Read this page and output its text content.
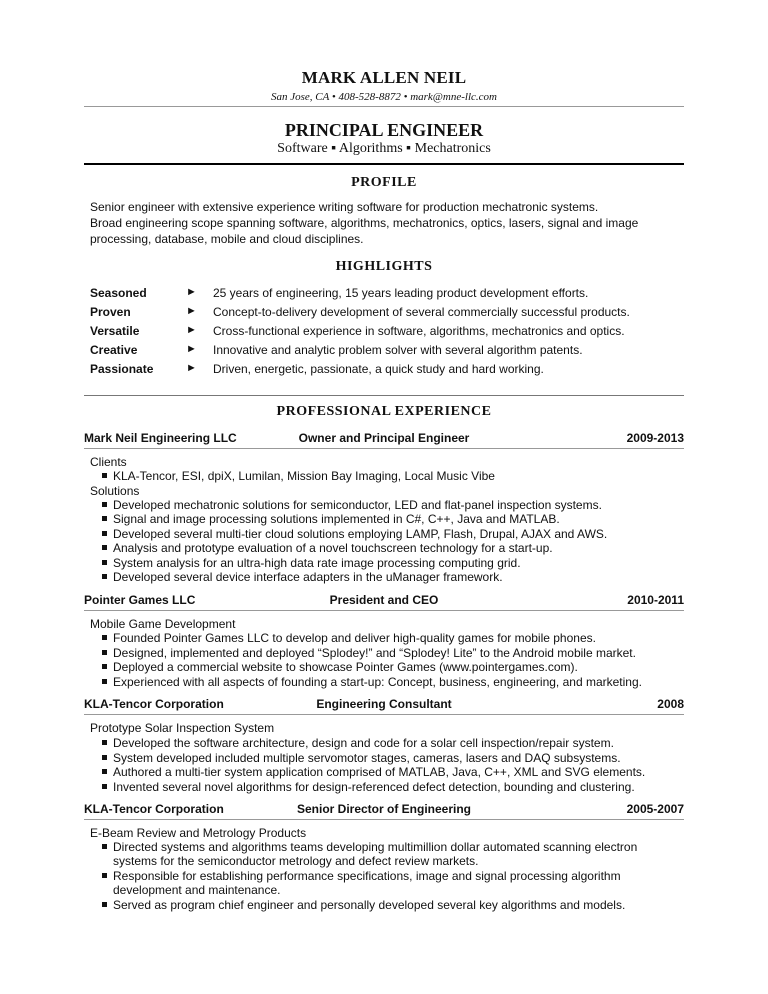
MARK ALLEN NEIL
San Jose, CA • 408-528-8872 • mark@mne-llc.com
PRINCIPAL ENGINEER
Software ▪ Algorithms ▪ Mechatronics
PROFILE
Senior engineer with extensive experience writing software for production mechatronic systems.
Broad engineering scope spanning software, algorithms, mechatronics, optics, lasers, signal and image
processing, database, mobile and cloud disciplines.
HIGHLIGHTS
Seasoned	► 25 years of engineering, 15 years leading product development efforts.
Proven	► Concept-to-delivery development of several commercially successful products.
Versatile	► Cross-functional experience in software, algorithms, mechatronics and optics.
Creative	► Innovative and analytic problem solver with several algorithm patents.
Passionate	► Driven, energetic, passionate, a quick study and hard working.
PROFESSIONAL EXPERIENCE
Mark Neil Engineering LLC	Owner and Principal Engineer	2009-2013
Clients
KLA-Tencor, ESI, dpiX, Lumilan, Mission Bay Imaging, Local Music Vibe
Solutions
Developed mechatronic solutions for semiconductor, LED and flat-panel inspection systems.
Signal and image processing solutions implemented in C#, C++, Java and MATLAB.
Developed several multi-tier cloud solutions employing LAMP, Flash, Drupal, AJAX and AWS.
Analysis and prototype evaluation of a novel touchscreen technology for a start-up.
System analysis for an ultra-high data rate image processing computing grid.
Developed several device interface adapters in the uManager framework.
Pointer Games LLC	President and CEO	2010-2011
Mobile Game Development
Founded Pointer Games LLC to develop and deliver high-quality games for mobile phones.
Designed, implemented and deployed “Splodey!” and “Splodey! Lite” to the Android mobile market.
Deployed a commercial website to showcase Pointer Games (www.pointergames.com).
Experienced with all aspects of founding a start-up: Concept, business, engineering, and marketing.
KLA-Tencor Corporation	Engineering Consultant	2008
Prototype Solar Inspection System
Developed the software architecture, design and code for a solar cell inspection/repair system.
System developed included multiple servomotor stages, cameras, lasers and DAQ subsystems.
Authored a multi-tier system application comprised of MATLAB, Java, C++, XML and SVG elements.
Invented several novel algorithms for design-referenced defect detection, bounding and clustering.
KLA-Tencor Corporation	Senior Director of Engineering	2005-2007
E-Beam Review and Metrology Products
Directed systems and algorithms teams developing multimillion dollar automated scanning electron
systems for the semiconductor metrology and defect review markets.
Responsible for establishing performance specifications, image and signal processing algorithm
development and maintenance.
Served as program chief engineer and personally developed several key algorithms and models.
